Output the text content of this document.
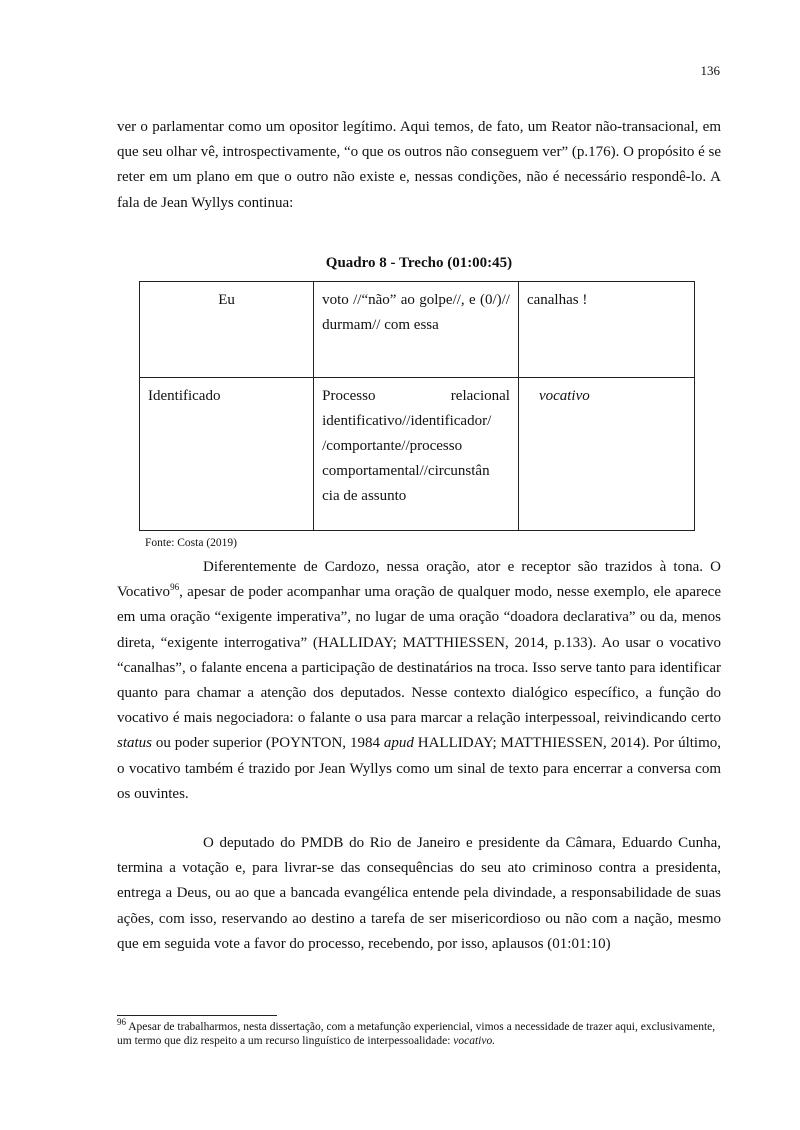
136

ver o parlamentar como um opositor legítimo. Aqui temos, de fato, um Reator não-transacional, em que seu olhar vê, introspectivamente, “o que os outros não conseguem ver” (p.176). O propósito é se reter em um plano em que o outro não existe e, nessas condições, não é necessário respondê-lo. A fala de Jean Wyllys continua:

Quadro 8 - Trecho (01:00:45)
Eu	voto //“não” ao golpe//, e (0/)// durmam// com essa	canalhas !
Identificado	Processo relacional identificativo//identificador/ /comportante//processo comportamental//circunstân cia de assunto	vocativo
Fonte: Costa (2019)

Diferentemente de Cardozo, nessa oração, ator e receptor são trazidos à tona. O Vocativo$^{96}$, apesar de poder acompanhar uma oração de qualquer modo, nesse exemplo, ele aparece em uma oração “exigente imperativa”, no lugar de uma oração “doadora declarativa” ou da, menos direta, “exigente interrogativa” (HALLIDAY; MATTHIESSEN, 2014, p.133). Ao usar o vocativo “canalhas”, o falante encena a participação de destinatários na troca. Isso serve tanto para identificar quanto para chamar a atenção dos deputados. Nesse contexto dialógico específico, a função do vocativo é mais negociadora: o falante o usa para marcar a relação interpessoal, reivindicando certo status ou poder superior (POYNTON, 1984 apud HALLIDAY; MATTHIESSEN, 2014). Por último, o vocativo também é trazido por Jean Wyllys como um sinal de texto para encerrar a conversa com os ouvintes.

O deputado do PMDB do Rio de Janeiro e presidente da Câmara, Eduardo Cunha, termina a votação e, para livrar-se das consequências do seu ato criminoso contra a presidenta, entrega a Deus, ou ao que a bancada evangélica entende pela divindade, a responsabilidade de suas ações, com isso, reservando ao destino a tarefa de ser misericordioso ou não com a nação, mesmo que em seguida vote a favor do processo, recebendo, por isso, aplausos (01:01:10)

$^{96}$ Apesar de trabalharmos, nesta dissertação, com a metafunção experiencial, vimos a necessidade de trazer aqui, exclusivamente, um termo que diz respeito a um recurso linguístico de interpessoalidade: vocativo.
